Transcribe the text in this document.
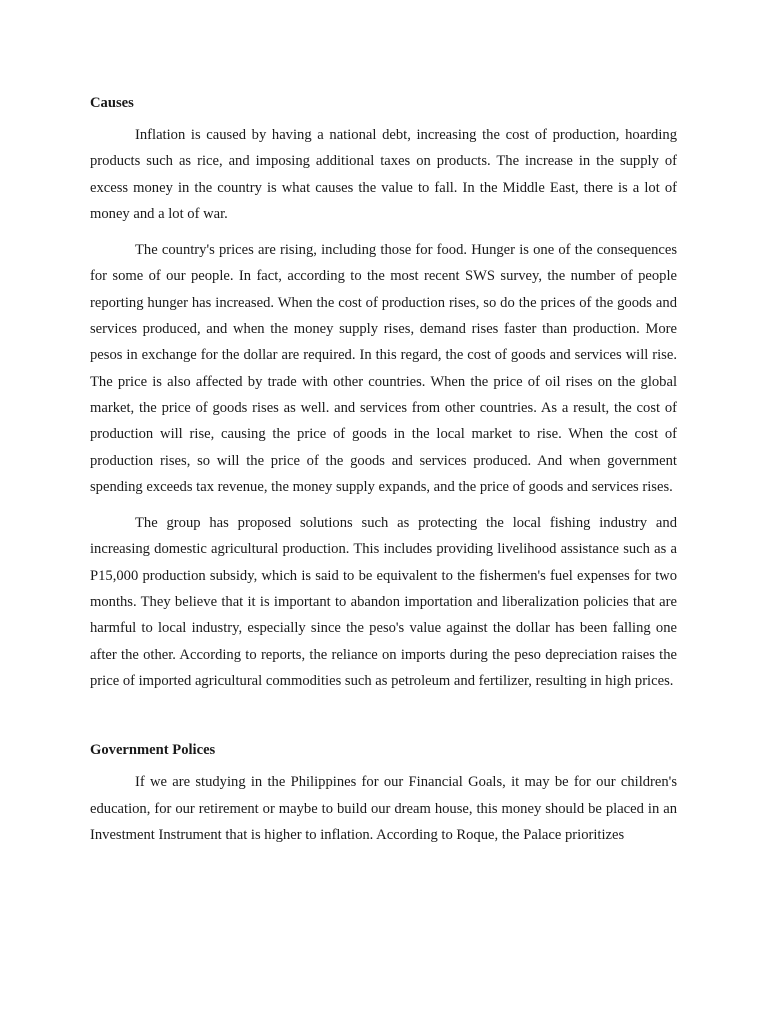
Causes

Inflation is caused by having a national debt, increasing the cost of production, hoarding products such as rice, and imposing additional taxes on products. The increase in the supply of excess money in the country is what causes the value to fall. In the Middle East, there is a lot of money and a lot of war.

The country's prices are rising, including those for food. Hunger is one of the consequences for some of our people. In fact, according to the most recent SWS survey, the number of people reporting hunger has increased. When the cost of production rises, so do the prices of the goods and services produced, and when the money supply rises, demand rises faster than production. More pesos in exchange for the dollar are required. In this regard, the cost of goods and services will rise. The price is also affected by trade with other countries. When the price of oil rises on the global market, the price of goods rises as well. and services from other countries. As a result, the cost of production will rise, causing the price of goods in the local market to rise. When the cost of production rises, so will the price of the goods and services produced. And when government spending exceeds tax revenue, the money supply expands, and the price of goods and services rises.

The group has proposed solutions such as protecting the local fishing industry and increasing domestic agricultural production. This includes providing livelihood assistance such as a P15,000 production subsidy, which is said to be equivalent to the fishermen's fuel expenses for two months. They believe that it is important to abandon importation and liberalization policies that are harmful to local industry, especially since the peso's value against the dollar has been falling one after the other. According to reports, the reliance on imports during the peso depreciation raises the price of imported agricultural commodities such as petroleum and fertilizer, resulting in high prices.

Government Polices

If we are studying in the Philippines for our Financial Goals, it may be for our children's education, for our retirement or maybe to build our dream house, this money should be placed in an Investment Instrument that is higher to inflation. According to Roque, the Palace prioritizes
